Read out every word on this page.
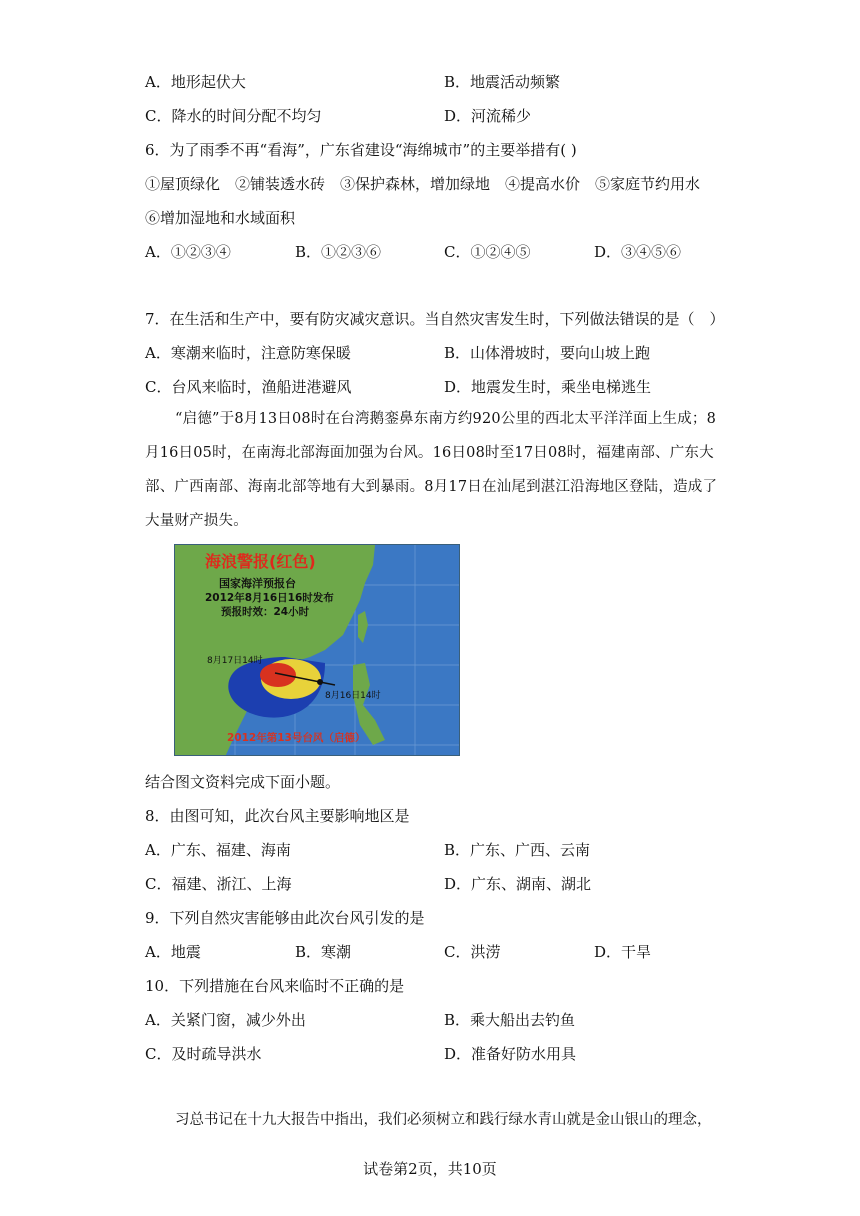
A．地形起伏大	B．地震活动频繁
C．降水的时间分配不均匀	D．河流稀少
6．为了雨季不再“看海”，广东省建设“海绵城市”的主要举措有( )
①屋顶绿化　②铺装透水砖　③保护森林，增加绿地　④提高水价　⑤家庭节约用水
⑥增加湿地和水域面积
A．①②③④	B．①②③⑥	C．①②④⑤	D．③④⑤⑥
7．在生活和生产中，要有防灾减灾意识。当自然灾害发生时，下列做法错误的是（　）
A．寒潮来临时，注意防寒保暖	B．山体滑坡时，要向山坡上跑
C．台风来临时，渔船进港避风	D．地震发生时，乘坐电梯逃生
“启德”于8月13日08时在台湾鹅銮鼻东南方约920公里的西北太平洋洋面上生成；8月16日05时，在南海北部海面加强为台风。16日08时至17日08时，福建南部、广东大部、广西南部、海南北部等地有大到暴雨。8月17日在汕尾到湛江沿海地区登陆，造成了大量财产损失。
海浪警报(红色)
国家海洋预报台
2012年8月16日16时发布
预报时效：24小时
8月17日14时
8月16日14时
2012年第13号台风（启德）
结合图文资料完成下面小题。
8．由图可知，此次台风主要影响地区是
A．广东、福建、海南	B．广东、广西、云南
C．福建、浙江、上海	D．广东、湖南、湖北
9．下列自然灾害能够由此次台风引发的是
A．地震	B．寒潮	C．洪涝	D．干旱
10．下列措施在台风来临时不正确的是
A．关紧门窗，减少外出	B．乘大船出去钓鱼
C．及时疏导洪水	D．准备好防水用具
习总书记在十九大报告中指出，我们必须树立和践行绿水青山就是金山银山的理念，
试卷第2页，共10页
